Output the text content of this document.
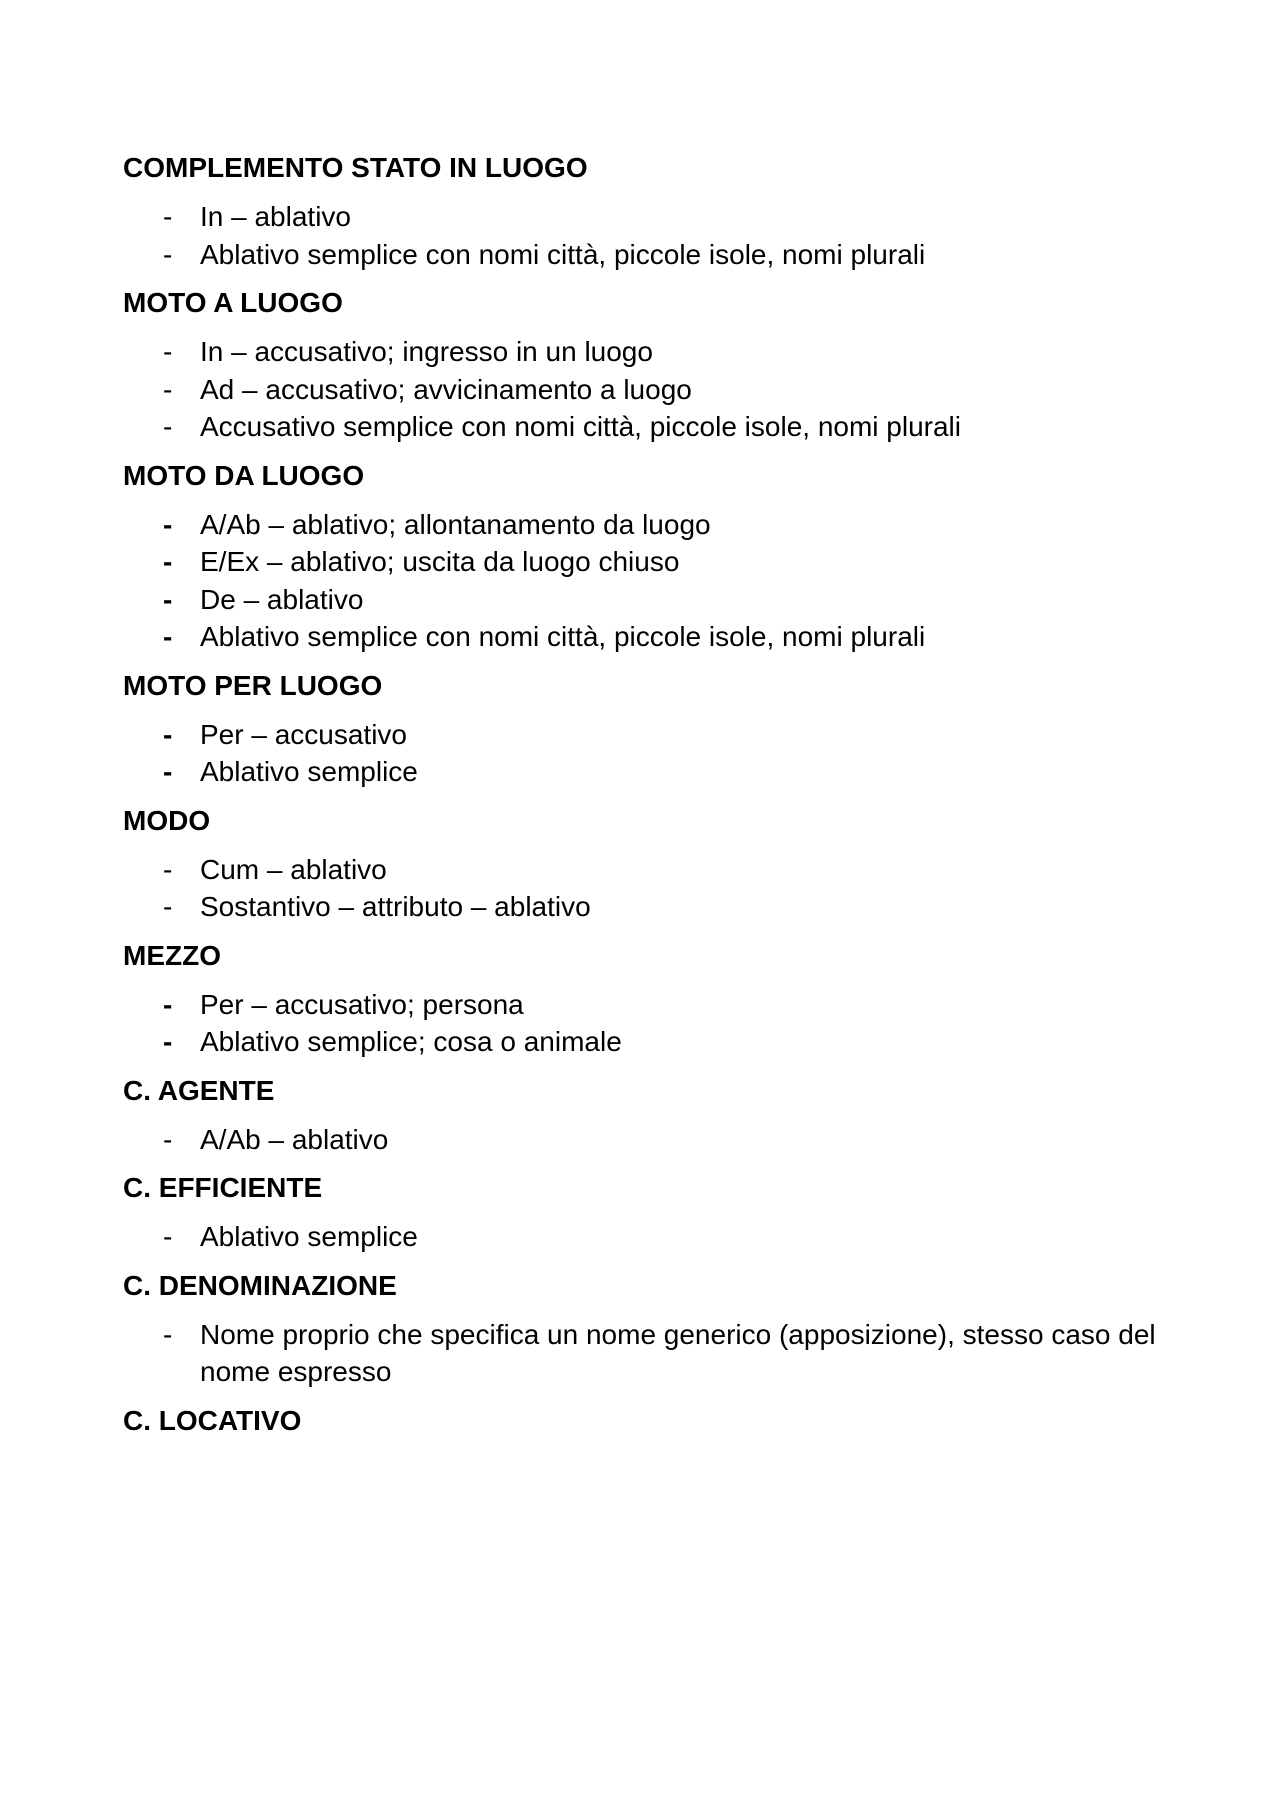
COMPLEMENTO STATO IN LUOGO
- In – ablativo
- Ablativo semplice con nomi città, piccole isole, nomi plurali
MOTO A LUOGO
- In – accusativo; ingresso in un luogo
- Ad – accusativo; avvicinamento a luogo
- Accusativo semplice con nomi città, piccole isole, nomi plurali
MOTO DA LUOGO
- A/Ab – ablativo; allontanamento da luogo
- E/Ex – ablativo; uscita da luogo chiuso
- De – ablativo
- Ablativo semplice con nomi città, piccole isole, nomi plurali
MOTO PER LUOGO
- Per – accusativo
- Ablativo semplice
MODO
- Cum – ablativo
- Sostantivo – attributo – ablativo
MEZZO
- Per – accusativo; persona
- Ablativo semplice; cosa o animale
C. AGENTE
- A/Ab – ablativo
C. EFFICIENTE
- Ablativo semplice
C. DENOMINAZIONE
- Nome proprio che specifica un nome generico (apposizione), stesso caso del nome espresso
C. LOCATIVO
